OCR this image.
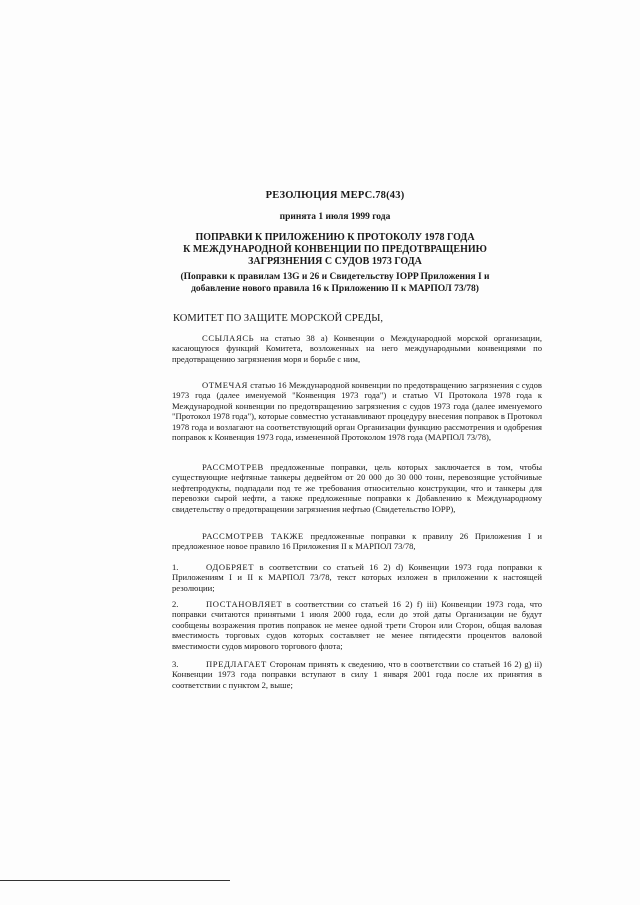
РЕЗОЛЮЦИЯ МЕРС.78(43)

принята 1 июля 1999 года

ПОПРАВКИ К ПРИЛОЖЕНИЮ К ПРОТОКОЛУ 1978 ГОДА
К МЕЖДУНАРОДНОЙ КОНВЕНЦИИ ПО ПРЕДОТВРАЩЕНИЮ
ЗАГРЯЗНЕНИЯ С СУДОВ 1973 ГОДА
(Поправки к правилам 13G и 26 и Свидетельству IOPP Приложения I и
добавление нового правила 16 к Приложению II к МАРПОЛ 73/78)

КОМИТЕТ ПО ЗАЩИТЕ МОРСКОЙ СРЕДЫ,

ССЫЛАЯСЬ на статью 38 а) Конвенции о Международной морской организации, касающуюся функций Комитета, возложенных на него международными конвенциями по предотвращению загрязнения моря и борьбе с ним,

ОТМЕЧАЯ статью 16 Международной конвенции по предотвращению загрязнения с судов 1973 года (далее именуемой "Конвенция 1973 года") и статью VI Протокола 1978 года к Международной конвенции по предотвращению загрязнения с судов 1973 года (далее именуемого "Протокол 1978 года"), которые совместно устанавливают процедуру внесения поправок в Протокол 1978 года и возлагают на соответствующий орган Организации функцию рассмотрения и одобрения поправок к Конвенция 1973 года, измененной Протоколом 1978 года (МАРПОЛ 73/78),

РАССМОТРЕВ предложенные поправки, цель которых заключается в том, чтобы существующие нефтяные танкеры дедвейтом от 20 000 до 30 000 тонн, перевозящие устойчивые нефтепродукты, подпадали под те же требования относительно конструкции, что и танкеры для перевозки сырой нефти, а также предложенные поправки к Добавлению к Международному свидетельству о предотвращении загрязнения нефтью (Свидетельство IOPP),

РАССМОТРЕВ ТАКЖЕ предложенные поправки к правилу 26 Приложения I и предложенное новое правило 16 Приложения II к МАРПОЛ 73/78,

1.	ОДОБРЯЕТ в соответствии со статьей 16 2) d) Конвенции 1973 года поправки к Приложениям I и II к МАРПОЛ 73/78, текст которых изложен в приложении к настоящей резолюции;

2.	ПОСТАНОВЛЯЕТ в соответствии со статьей 16 2) f) iii) Конвенции 1973 года, что поправки считаются принятыми 1 июля 2000 года, если до этой даты Организации не будут сообщены возражения против поправок не менее одной трети Сторон или Сторон, общая валовая вместимость торговых судов которых составляет не менее пятидесяти процентов валовой вместимости судов мирового торгового флота;

3.	ПРЕДЛАГАЕТ Сторонам принять к сведению, что в соответствии со статьей 16 2) g) ii) Конвенции 1973 года поправки вступают в силу 1 января 2001 года после их принятия в соответствии с пунктом 2, выше;
